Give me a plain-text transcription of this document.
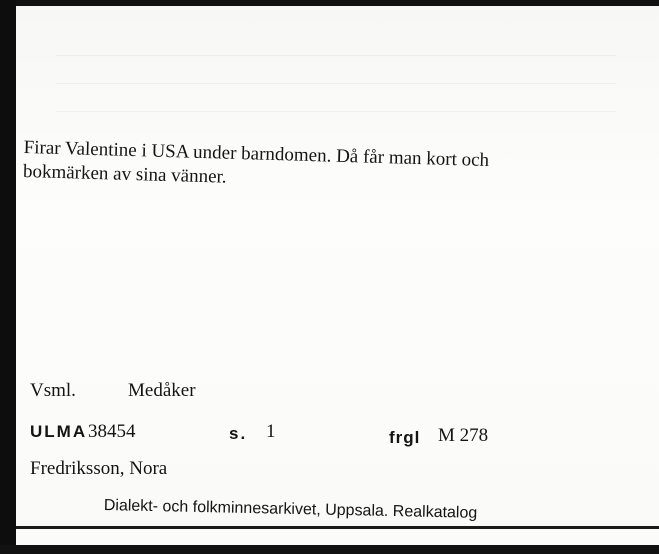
Firar Valentine i USA under barndomen. Då får man kort och
bokmärken av sina vänner.
Vsml.	Medåker
ULMA 38454	s. 1	frgl M 278
Fredriksson, Nora
Dialekt- och folkminnesarkivet, Uppsala. Realkatalog
